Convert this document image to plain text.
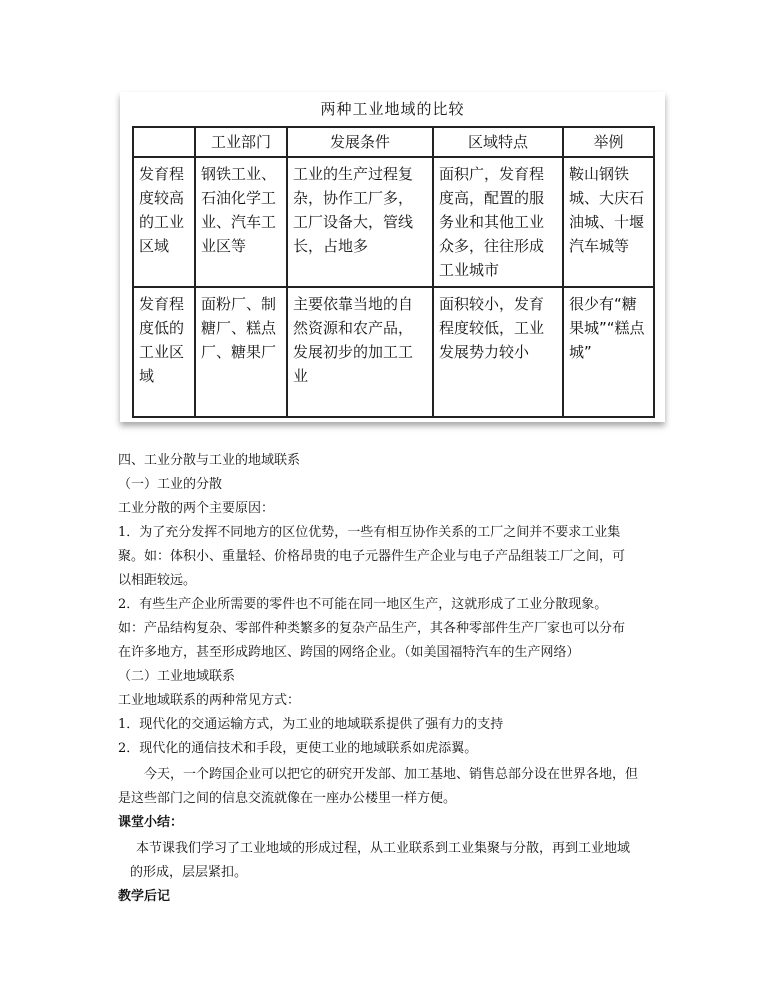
两种工业地域的比较
	工业部门	发展条件	区域特点	举例
发育程度较高的工业区域	钢铁工业、石油化学工业、汽车工业区等	工业的生产过程复杂，协作工厂多，工厂设备大，管线长，占地多	面积广，发育程度高，配置的服务业和其他工业众多，往往形成工业城市	鞍山钢铁城、大庆石油城、十堰汽车城等
发育程度低的工业区域	面粉厂、制糖厂、糕点厂、糖果厂	主要依靠当地的自然资源和农产品，发展初步的加工工业	面积较小，发育程度较低，工业发展势力较小	很少有“糖果城”“糕点城”
四、工业分散与工业的地域联系
（一）工业的分散
工业分散的两个主要原因：
1．为了充分发挥不同地方的区位优势，一些有相互协作关系的工厂之间并不要求工业集
聚。如：体积小、重量轻、价格昂贵的电子元器件生产企业与电子产品组装工厂之间，可
以相距较远。
2．有些生产企业所需要的零件也不可能在同一地区生产，这就形成了工业分散现象。
如：产品结构复杂、零部件种类繁多的复杂产品生产，其各种零部件生产厂家也可以分布
在许多地方，甚至形成跨地区、跨国的网络企业。（如美国福特汽车的生产网络）
（二）工业地域联系
工业地域联系的两种常见方式：
1．现代化的交通运输方式，为工业的地域联系提供了强有力的支持
2．现代化的通信技术和手段，更使工业的地域联系如虎添翼。
今天，一个跨国企业可以把它的研究开发部、加工基地、销售总部分设在世界各地，但
是这些部门之间的信息交流就像在一座办公楼里一样方便。
课堂小结：
本节课我们学习了工业地域的形成过程，从工业联系到工业集聚与分散，再到工业地域
的形成，层层紧扣。
教学后记
